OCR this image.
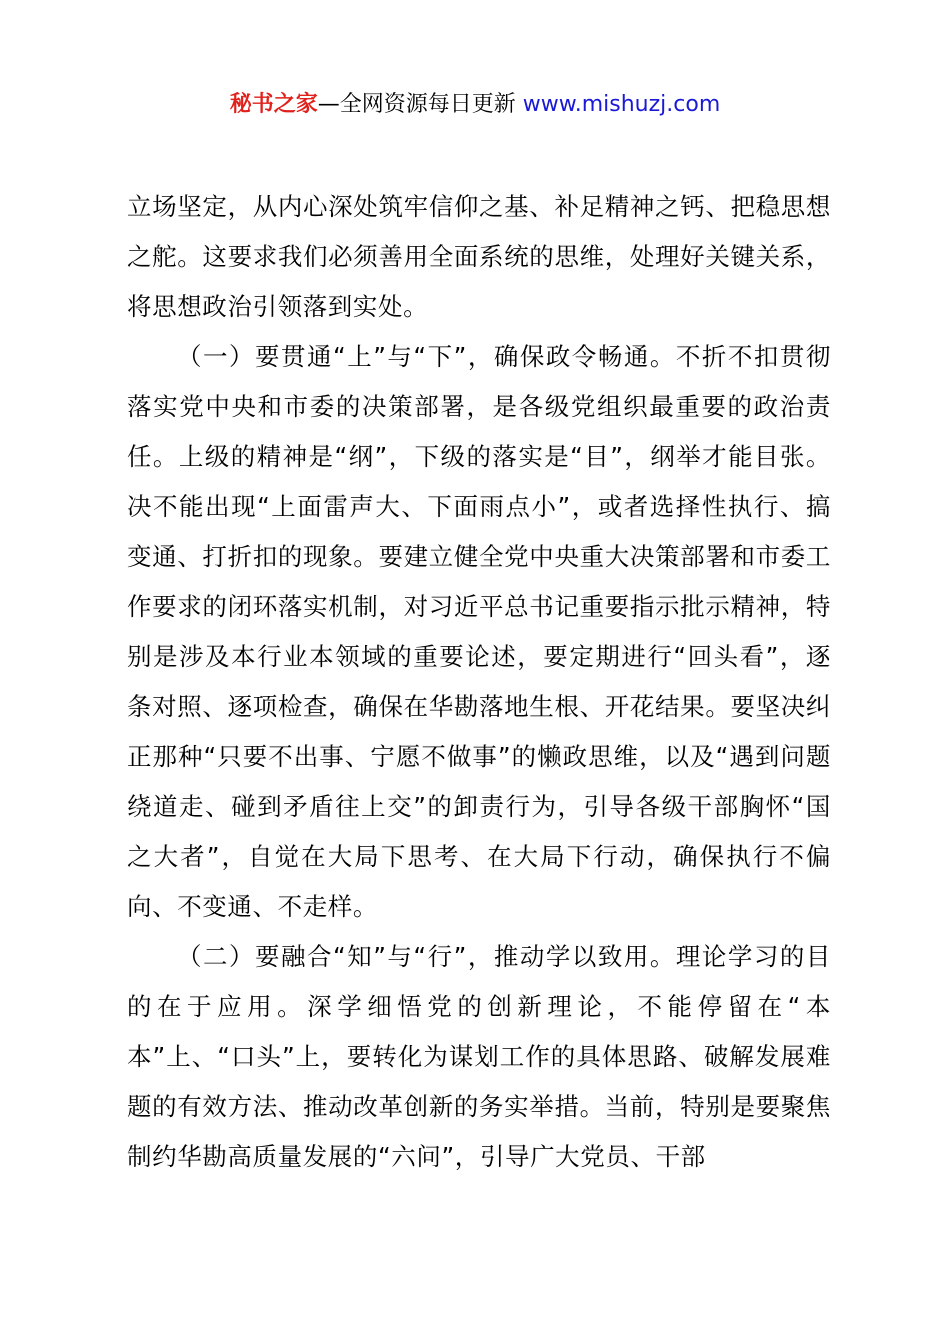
秘书之家—全网资源每日更新 www.mishuzj.com

立场坚定，从内心深处筑牢信仰之基、补足精神之钙、把稳思想之舵。这要求我们必须善用全面系统的思维，处理好关键关系，将思想政治引领落到实处。

（一）要贯通“上”与“下”，确保政令畅通。不折不扣贯彻落实党中央和市委的决策部署，是各级党组织最重要的政治责任。上级的精神是“纲”，下级的落实是“目”，纲举才能目张。决不能出现“上面雷声大、下面雨点小”，或者选择性执行、搞变通、打折扣的现象。要建立健全党中央重大决策部署和市委工作要求的闭环落实机制，对习近平总书记重要指示批示精神，特别是涉及本行业本领域的重要论述，要定期进行“回头看”，逐条对照、逐项检查，确保在华勘落地生根、开花结果。要坚决纠正那种“只要不出事、宁愿不做事”的懒政思维，以及“遇到问题绕道走、碰到矛盾往上交”的卸责行为，引导各级干部胸怀“国之大者”，自觉在大局下思考、在大局下行动，确保执行不偏向、不变通、不走样。

（二）要融合“知”与“行”，推动学以致用。理论学习的目的在于应用。深学细悟党的创新理论，不能停留在“本本”上、“口头”上，要转化为谋划工作的具体思路、破解发展难题的有效方法、推动改革创新的务实举措。当前，特别是要聚焦制约华勘高质量发展的“六问”，引导广大党员、干部
